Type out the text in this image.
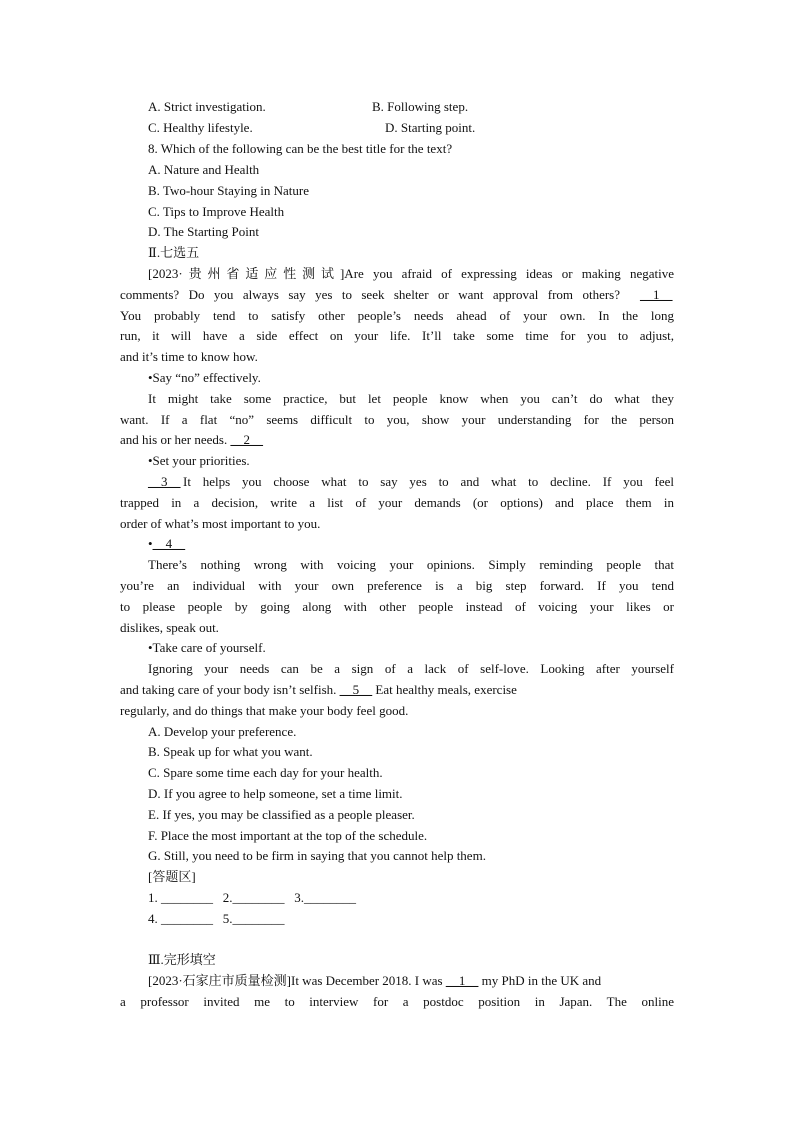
A. Strict investigation.	B. Following step.
C. Healthy lifestyle.	D. Starting point.
8. Which of the following can be the best title for the text?
A. Nature and Health
B. Two-hour Staying in Nature
C. Tips to Improve Health
D. The Starting Point
Ⅱ.七选五
[2023·贵州省适应性测试]Are you afraid of expressing ideas or making negative
comments? Do you always say yes to seek shelter or want approval from others? __1__
You probably tend to satisfy other people’s needs ahead of your own. In the long
run, it will have a side effect on your life. It’ll take some time for you to adjust,
and it’s time to know how.
•Say “no” effectively.
It might take some practice, but let people know when you can’t do what they
want. If a flat “no” seems difficult to you, show your understanding for the person
and his or her needs. __2__
•Set your priorities.
__3__ It helps you choose what to say yes to and what to decline. If you feel
trapped in a decision, write a list of your demands (or options) and place them in
order of what’s most important to you.
•__4__
There’s nothing wrong with voicing your opinions. Simply reminding people that
you’re an individual with your own preference is a big step forward. If you tend
to please people by going along with other people instead of voicing your likes or
dislikes, speak out.
•Take care of yourself.
Ignoring your needs can be a sign of a lack of self-love. Looking after yourself
and taking care of your body isn’t selfish. __5__ Eat healthy meals, exercise
regularly, and do things that make your body feel good.
A. Develop your preference.
B. Speak up for what you want.
C. Spare some time each day for your health.
D. If you agree to help someone, set a time limit.
E. If yes, you may be classified as a people pleaser.
F. Place the most important at the top of the schedule.
G. Still, you need to be firm in saying that you cannot help them.
[答题区]
1. ________   2.________   3.________
4. ________   5.________
Ⅲ.完形填空
[2023·石家庄市质量检测]It was December 2018. I was __1__ my PhD in the UK and
a professor invited me to interview for a postdoc position in Japan. The online
